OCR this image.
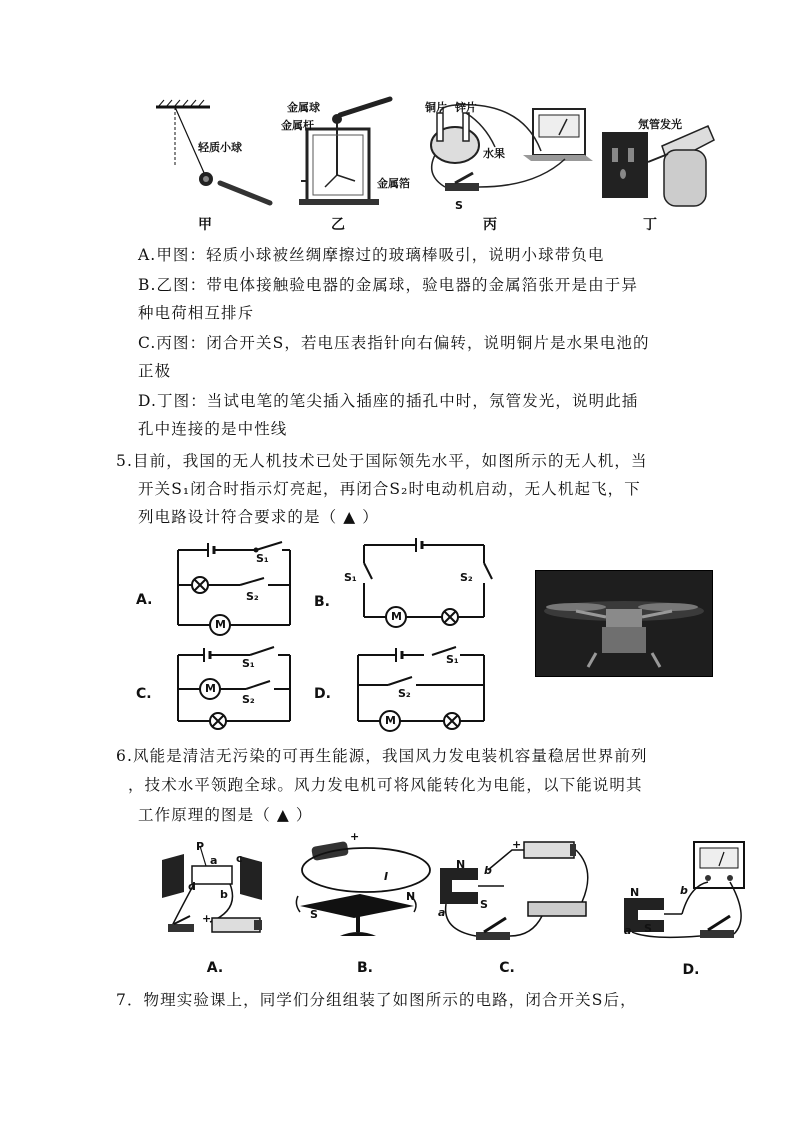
轻质小球
甲
金属球
金属杆
金属箔
乙
铜片 锌片
水果
S
丙
氖管发光
丁
A.甲图：轻质小球被丝绸摩擦过的玻璃棒吸引，说明小球带负电
B.乙图：带电体接触验电器的金属球，验电器的金属箔张开是由于异
种电荷相互排斥
C.丙图：闭合开关S，若电压表指针向右偏转，说明铜片是水果电池的
正极
D.丁图：当试电笔的笔尖插入插座的插孔中时，氖管发光，说明此插
孔中连接的是中性线
5.目前，我国的无人机技术已处于国际领先水平，如图所示的无人机，当
开关S₁闭合时指示灯亮起，再闭合S₂时电动机启动，无人机起飞，下
列电路设计符合要求的是（ ▲ ）
A.
S₁
S₂
M
B.
S₁	S₂
M
C.
S₁
M
S₂	D.
S₁
S₂
M
6.风能是清洁无污染的可再生能源，我国风力发电装机容量稳居世界前列
，技术水平领跑全球。风力发电机可将风能转化为电能，以下能说明其
工作原理的图是（ ▲ ）
P
a c
d
b
+
A.
+
I
S
N
B.
N
S
b
a
+
C.
N
S
b
a
D.
7．物理实验课上，同学们分组组装了如图所示的电路，闭合开关S后，
